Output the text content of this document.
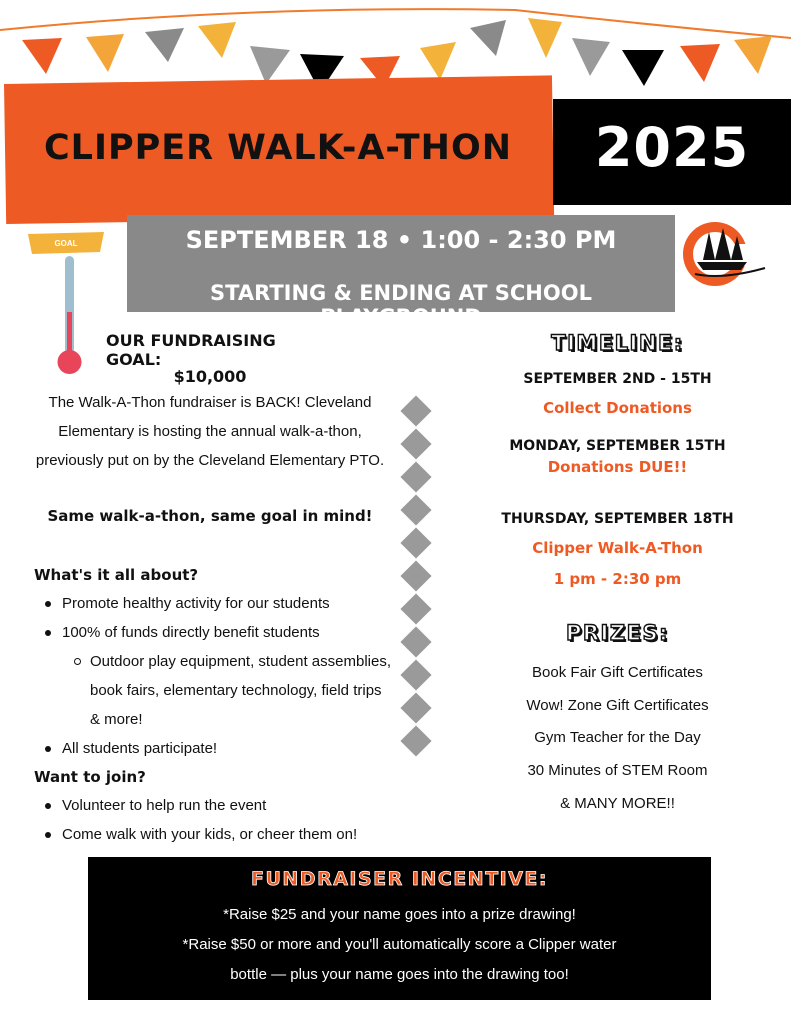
CLIPPER WALK-A-THON	2025
SEPTEMBER 18 • 1:00 - 2:30 PM
STARTING & ENDING AT SCHOOL PLAYGROUND
GOAL
OUR FUNDRAISING GOAL:
$10,000
The Walk-A-Thon fundraiser is BACK! Cleveland
Elementary is hosting the annual walk-a-thon,
previously put on by the Cleveland Elementary PTO.
Same walk-a-thon, same goal in mind!
What's it all about?
Promote healthy activity for our students
100% of funds directly benefit students
Outdoor play equipment, student assemblies,
book fairs, elementary technology, field trips
& more!
All students participate!
Want to join?
Volunteer to help run the event
Come walk with your kids, or cheer them on!
TIMELINE:
SEPTEMBER 2ND - 15TH
Collect Donations
MONDAY, SEPTEMBER 15TH
Donations DUE!!
THURSDAY, SEPTEMBER 18TH
Clipper Walk-A-Thon
1 pm - 2:30 pm
PRIZES:
Book Fair Gift Certificates
Wow! Zone Gift Certificates
Gym Teacher for the Day
30 Minutes of STEM Room
& MANY MORE!!
FUNDRAISER INCENTIVE:
*Raise $25 and your name goes into a prize drawing!
*Raise $50 or more and you'll automatically score a Clipper water
bottle — plus your name goes into the drawing too!
